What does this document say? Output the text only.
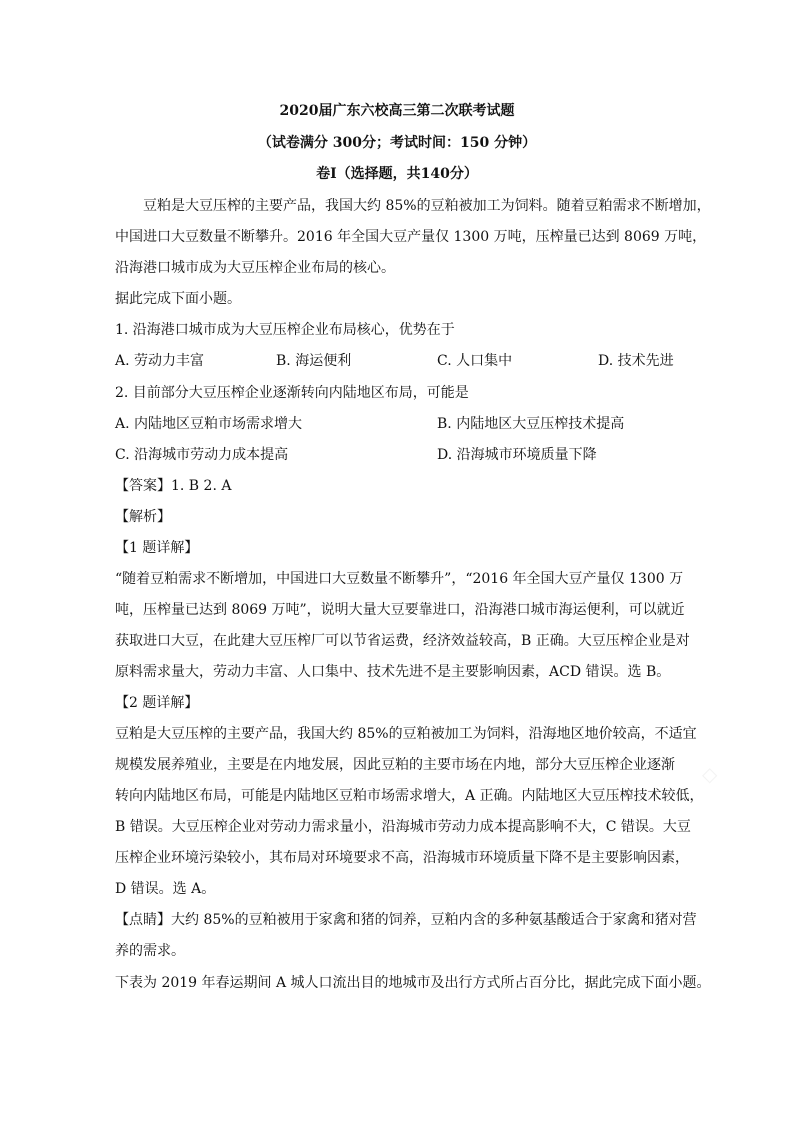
2020届广东六校高三第二次联考试题
（试卷满分 300分；考试时间：150 分钟）
卷Ⅰ（选择题，共140分）
豆粕是大豆压榨的主要产品，我国大约 85%的豆粕被加工为饲料。随着豆粕需求不断增加，
中国进口大豆数量不断攀升。2016 年全国大豆产量仅 1300 万吨，压榨量已达到 8069 万吨，
沿海港口城市成为大豆压榨企业布局的核心。
据此完成下面小题。
1. 沿海港口城市成为大豆压榨企业布局核心，优势在于
A. 劳动力丰富	B. 海运便利	C. 人口集中	D. 技术先进
2. 目前部分大豆压榨企业逐渐转向内陆地区布局，可能是
A. 内陆地区豆粕市场需求增大	B. 内陆地区大豆压榨技术提高
C. 沿海城市劳动力成本提高	D. 沿海城市环境质量下降
【答案】1. B 2. A
【解析】
【1 题详解】
“随着豆粕需求不断增加，中国进口大豆数量不断攀升”，“2016 年全国大豆产量仅 1300 万
吨，压榨量已达到 8069 万吨”，说明大量大豆要靠进口，沿海港口城市海运便利，可以就近
获取进口大豆，在此建大豆压榨厂可以节省运费，经济效益较高，B 正确。大豆压榨企业是对
原料需求量大，劳动力丰富、人口集中、技术先进不是主要影响因素，ACD 错误。选 B。
【2 题详解】
豆粕是大豆压榨的主要产品，我国大约 85%的豆粕被加工为饲料，沿海地区地价较高，不适宜
规模发展养殖业，主要是在内地发展，因此豆粕的主要市场在内地，部分大豆压榨企业逐渐
转向内陆地区布局，可能是内陆地区豆粕市场需求增大，A 正确。内陆地区大豆压榨技术较低，
B 错误。大豆压榨企业对劳动力需求量小，沿海城市劳动力成本提高影响不大，C 错误。大豆
压榨企业环境污染较小，其布局对环境要求不高，沿海城市环境质量下降不是主要影响因素，
D 错误。选 A。
【点睛】大约 85%的豆粕被用于家禽和猪的饲养，豆粕内含的多种氨基酸适合于家禽和猪对营
养的需求。
下表为 2019 年春运期间 A 城人口流出目的地城市及出行方式所占百分比，据此完成下面小题。
◇
